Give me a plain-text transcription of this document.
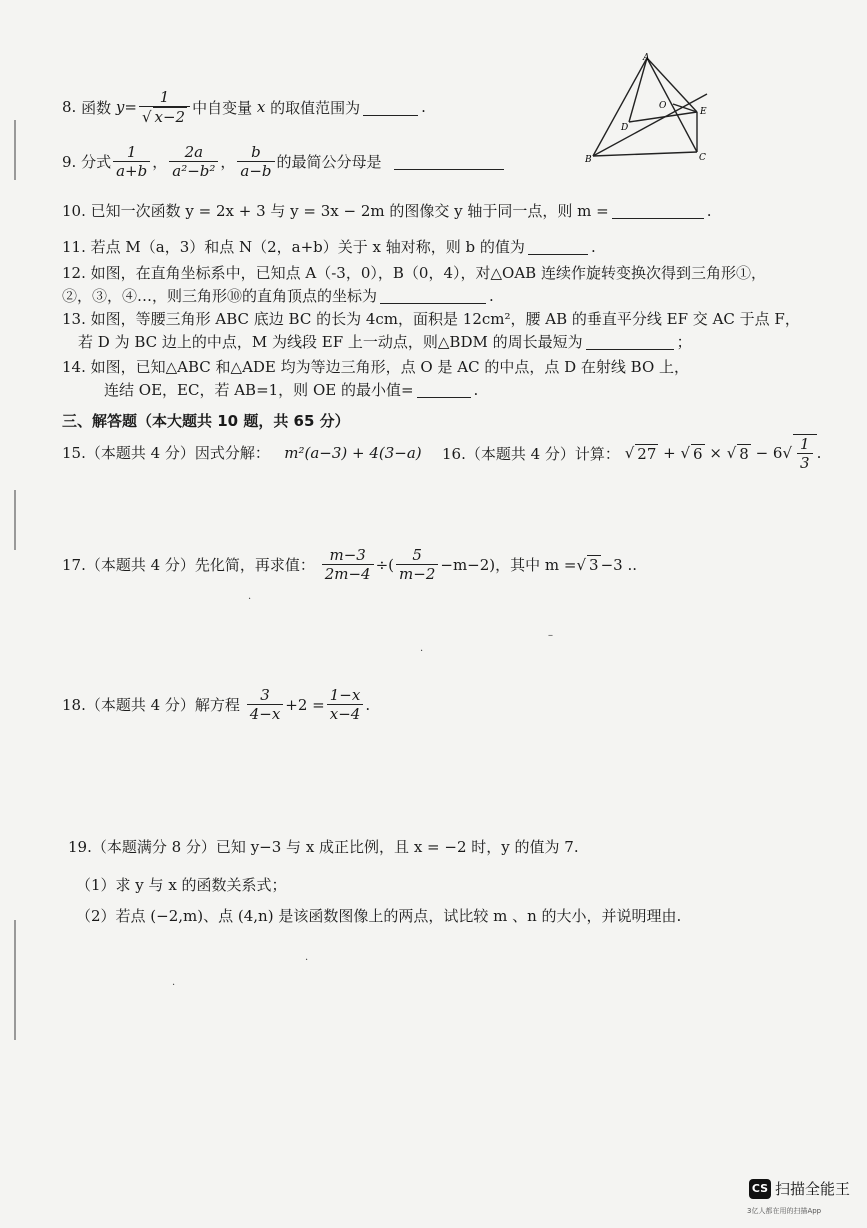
8.
函数
$y = \frac{1}{√ x-2}$ 中自变量
x
的取值范围为	.
9.
分式 $\frac{1}{a+b}$ ， $\frac{2a}{\text{a²−b²}}$ ， $\frac{b}{a-b}$ 的最简公分母是
A
B	C
D
E
O
10. 已知一次函数 y = 2x + 3 与 y = 3x − 2m 的图像交 y 轴于同一点，则 m =	.
11. 若点 M（a，3）和点 N（2，a+b）关于 x 轴对称，则 b 的值为	.
12. 如图，在直角坐标系中，已知点 A（-3，0），B（0，4），对△OAB 连续作旋转变换次得到三角形①，
②，③，④…，则三角形⑩的直角顶点的坐标为	.
13. 如图，等腰三角形 ABC 底边 BC 的长为 4cm，面积是 12cm²，腰 AB 的垂直平分线 EF 交 AC 于点 F，
若 D 为 BC 边上的中点，M 为线段 EF 上一动点，则△BDM 的周长最短为	；
14. 如图，已知△ABC 和△ADE 均为等边三角形，点 O 是 AC 的中点，点 D 在射线 BO 上，
连结 OE，EC，若 AB=1，则 OE 的最小值=	.
三、解答题（本大题共 10 题，共 65 分）
15.（本题共 4 分）因式分解：
m²(a−3) + 4(3−a) 16.（本题共 4 分）计算：
√ 27 + √ 6 × √ 8 − 6 √ $\frac{1}{3}$ .
17.（本题共 4 分）先化简，再求值：
$\frac{m-3}{2m-4}$ ÷( $\frac{5}{m-2} -m-2$)，其中 m = √ 3 −3 ..
18.（本题共 4 分）解方程
$\frac{3}{4-x} +2 = \frac{1-x}{x-4}$ .
19.（本题满分 8 分）已知 y−3 与 x 成正比例，且 x = −2 时，y 的值为 7.
（1）求 y 与 x 的函数关系式；
（2）若点 (−2,m)、点 (4,n) 是该函数图像上的两点，试比较 m 、n 的大小，并说明理由.
·
–
·
·
·
CS 扫描全能王
3亿人都在用的扫描App
